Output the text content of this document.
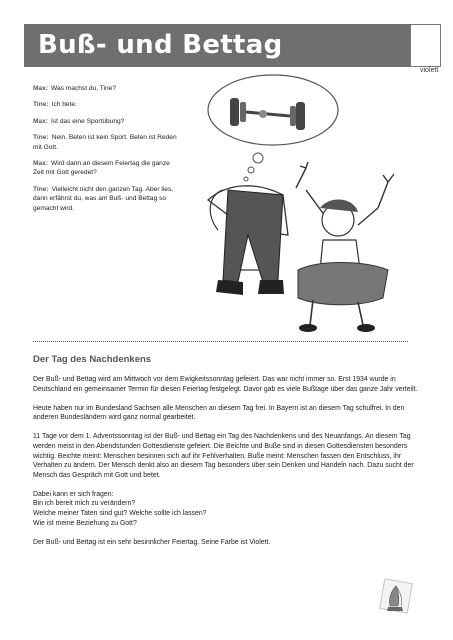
Buß- und Bettag
violett
Max: Was machst du, Tine?
Tine: Ich bete.
Max: Ist das eine Sportübung?
Tine: Nein. Beten ist kein Sport. Beten ist Reden mit Gott.
Max: Wird dann an diesem Feiertag die ganze Zeit mit Gott geredet?
Tine: Vielleicht nicht den ganzen Tag. Aber lies, dann erfährst du, was am Buß- und Bettag so gemacht wird.
Der Tag des Nachdenkens

Der Buß- und Bettag wird am Mittwoch vor dem Ewigkeitssonntag gefeiert. Das war nicht immer so. Erst 1934 wurde in Deutschland ein gemeinsamer Termin für diesen Feiertag festgelegt. Davor gab es viele Bußtage über das ganze Jahr verteilt.

Heute haben nur im Bundesland Sachsen alle Menschen an diesem Tag frei. In Bayern ist an diesem Tag schulfrei. In den anderen Bundesländern wird ganz normal gearbeitet.

11 Tage vor dem 1. Adventssonntag ist der Buß- und Bettag ein Tag des Nachdenkens und des Neuanfangs. An diesem Tag werden meist in den Abendstunden Gottesdienste gefeiert. Die Beichte und Buße sind in diesen Gottesdiensten besonders wichtig. Beichte meint: Menschen besinnen sich auf ihr Fehlverhalten. Buße meint: Menschen fassen den Entschluss, ihr Verhalten zu ändern. Der Mensch denkt also an diesem Tag besonders über sein Denken und Handeln nach. Dazu sucht der Mensch das Gespräch mit Gott und betet.

Dabei kann er sich fragen:
Bin ich bereit mich zu verändern?
Welche meiner Taten sind gut? Welche sollte ich lassen?
Wie ist meine Beziehung zu Gott?

Der Buß- und Bettag ist ein sehr besinnlicher Feiertag. Seine Farbe ist Violett.
